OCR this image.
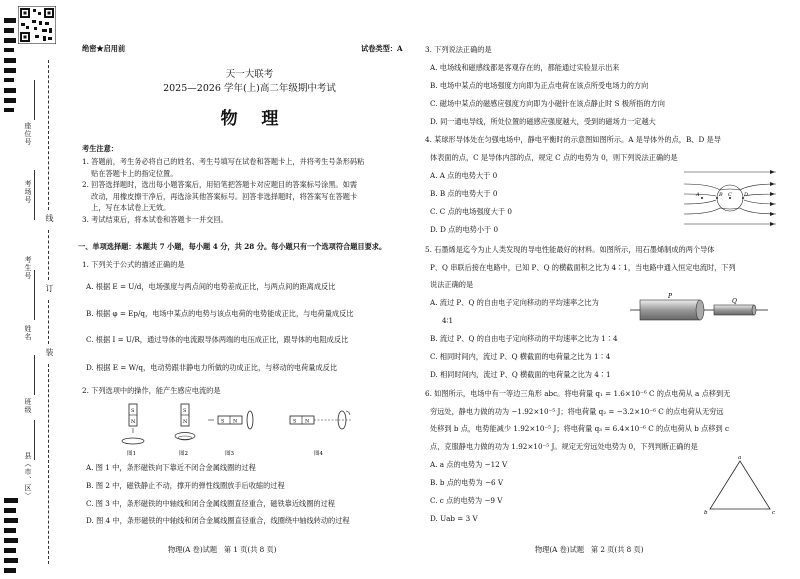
座位号
考场号
考生号
姓名
班级
县（市、区）
线
订
装
绝密★启用前	试卷类型：A
天一大联考
2025—2026 学年(上)高二年级期中考试
物    理
考生注意：
1. 答题前，考生务必将自己的姓名、考生号填写在试卷和答题卡上，并将考生号条形码粘
贴在答题卡上的指定位置。
2. 回答选择题时，选出每小题答案后，用铅笔把答题卡对应题目的答案标号涂黑。如需
改动，用橡皮擦干净后，再选涂其他答案标号。回答非选择题时，将答案写在答题卡
上，写在本试卷上无效。
3. 考试结束后，将本试卷和答题卡一并交回。
一、单项选择题：本题共 7 小题，每小题 4 分，共 28 分。每小题只有一个选项符合题目要求。
1. 下列关于公式的描述正确的是
A. 根据 E = U/d，电场强度与两点间的电势差成正比，与两点间的距离成反比
B. 根据 φ = Ep/q，电场中某点的电势与该点电荷的电势能成正比，与电荷量成反比
C. 根据 I = U/R，通过导体的电流跟导体两端的电压成正比，跟导体的电阻成反比
D. 根据 E = W/q，电动势跟非静电力所做的功成正比，与移动的电荷量成反比
2. 下列选项中的操作，能产生感应电流的是
S
N
S
N	S N	S N
图1	图2	图3	图4
A. 图 1 中，条形磁铁向下靠近不闭合金属线圈的过程
B. 图 2 中，磁铁静止不动，撑开的弹性线圈放手后收缩的过程
C. 图 3 中，条形磁铁的中轴线和闭合金属线圈直径重合，磁铁靠近线圈的过程
D. 图 4 中，条形磁铁的中轴线和闭合金属线圈直径重合，线圈绕中轴线转动的过程
物理(A 卷)试题   第 1 页(共 8 页)
3. 下列说法正确的是
A. 电场线和磁感线都是客观存在的，都能通过实验显示出来
B. 电场中某点的电场强度方向即为正点电荷在该点所受电场力的方向
C. 磁场中某点的磁感应强度方向即为小磁针在该点静止时 S 极所指的方向
D. 同一通电导线，所处位置的磁感应强度越大，受到的磁场力一定越大
4. 某球形导体处在匀强电场中，静电平衡时的示意图如图所示。A 是导体外的点，B、D 是导
体表面的点，C 是导体内部的点，规定 C 点的电势为 0，则下列说法正确的是
A. A 点的电势大于 0
B. B 点的电势大于 0
C. C 点的电场强度大于 0
D. D 点的电势小于 0
A	B C D
5. 石墨烯是迄今为止人类发现的导电性能最好的材料。如图所示，用石墨烯制成的两个导体
P、Q 串联后接在电路中，已知 P、Q 的横截面积之比为 4∶1，当电路中通入恒定电流时，下列
说法正确的是
A. 流过 P、Q 的自由电子定向移动的平均速率之比为
4∶1
B. 流过 P、Q 的自由电子定向移动的平均速率之比为 1∶4
C. 相同时间内，流过 P、Q 横截面的电荷量之比为 1∶4
D. 相同时间内，流过 P、Q 横截面的电荷量之比为 4∶1
P
Q
6. 如图所示，电场中有一等边三角形 abc。将电荷量 q₁ = 1.6×10⁻⁶ C 的点电荷从 a 点移到无
穷远处，静电力做的功为 −1.92×10⁻⁵ J；将电荷量 q₂ = −3.2×10⁻⁶ C 的点电荷从无穷远
处移到 b 点，电势能减少 1.92×10⁻⁵ J；将电荷量 q₃ = 6.4×10⁻⁶ C 的点电荷从 b 点移到 c
点，克服静电力做的功为 1.92×10⁻⁵ J。规定无穷远处电势为 0，下列判断正确的是
A. a 点的电势为 −12 V
B. b 点的电势为 −6 V
C. c 点的电势为 −9 V
D. Uab = 3 V
a
b	c
物理(A 卷)试题   第 2 页(共 8 页)
